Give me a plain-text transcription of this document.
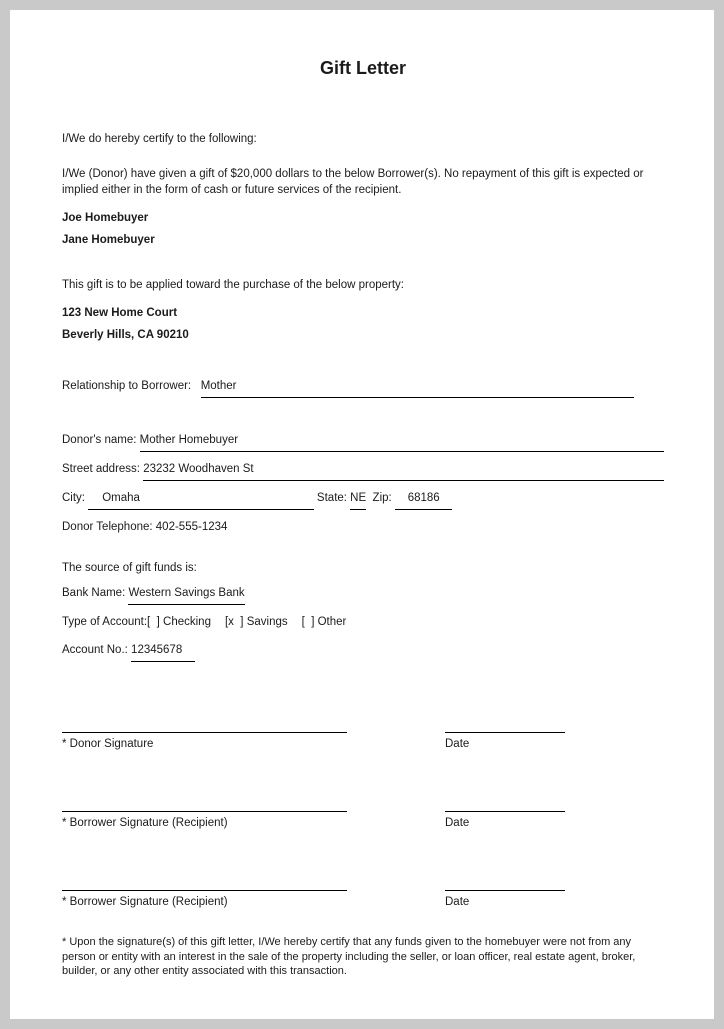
Gift Letter
I/We do hereby certify to the following:
I/We (Donor) have given a gift of $20,000 dollars to the below Borrower(s). No repayment of this gift is expected or implied either in the form of cash or future services of the recipient.
Joe Homebuyer
Jane Homebuyer
This gift is to be applied toward the purchase of the below property:
123 New Home Court
Beverly Hills, CA 90210
Relationship to Borrower: Mother
Donor's name: Mother Homebuyer
Street address: 23232 Woodhaven St
City:	Omaha	State: NE Zip: 68186
Donor Telephone: 402-555-1234
The source of gift funds is:
Bank Name: Western Savings Bank
Type of Account: [  ] Checking [x  ] Savings [  ] Other
Account No.: 12345678
* Donor Signature	Date
* Borrower Signature (Recipient)	Date
* Borrower Signature (Recipient)	Date
* Upon the signature(s) of this gift letter, I/We hereby certify that any funds given to the homebuyer were not from any person or entity with an interest in the sale of the property including the seller, or loan officer, real estate agent, broker, builder, or any other entity associated with this transaction.
